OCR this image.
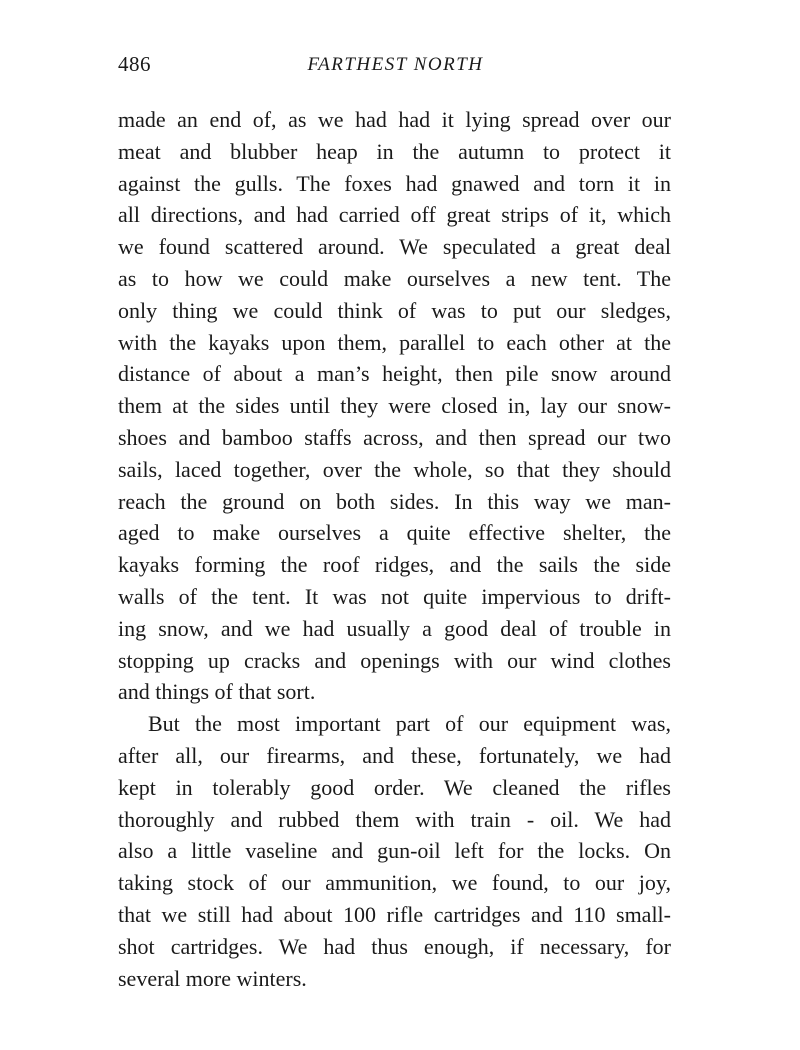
486	FARTHEST NORTH
made an end of, as we had had it lying spread over our
meat and blubber heap in the autumn to protect it
against the gulls. The foxes had gnawed and torn it in
all directions, and had carried off great strips of it, which
we found scattered around. We speculated a great deal
as to how we could make ourselves a new tent. The
only thing we could think of was to put our sledges,
with the kayaks upon them, parallel to each other at the
distance of about a man’s height, then pile snow around
them at the sides until they were closed in, lay our snow-
shoes and bamboo staffs across, and then spread our two
sails, laced together, over the whole, so that they should
reach the ground on both sides. In this way we man-
aged to make ourselves a quite effective shelter, the
kayaks forming the roof ridges, and the sails the side
walls of the tent. It was not quite impervious to drift-
ing snow, and we had usually a good deal of trouble in
stopping up cracks and openings with our wind clothes
and things of that sort.
But the most important part of our equipment was,
after all, our firearms, and these, fortunately, we had
kept in tolerably good order. We cleaned the rifles
thoroughly and rubbed them with train - oil. We had
also a little vaseline and gun-oil left for the locks. On
taking stock of our ammunition, we found, to our joy,
that we still had about 100 rifle cartridges and 110 small-
shot cartridges. We had thus enough, if necessary, for
several more winters.
